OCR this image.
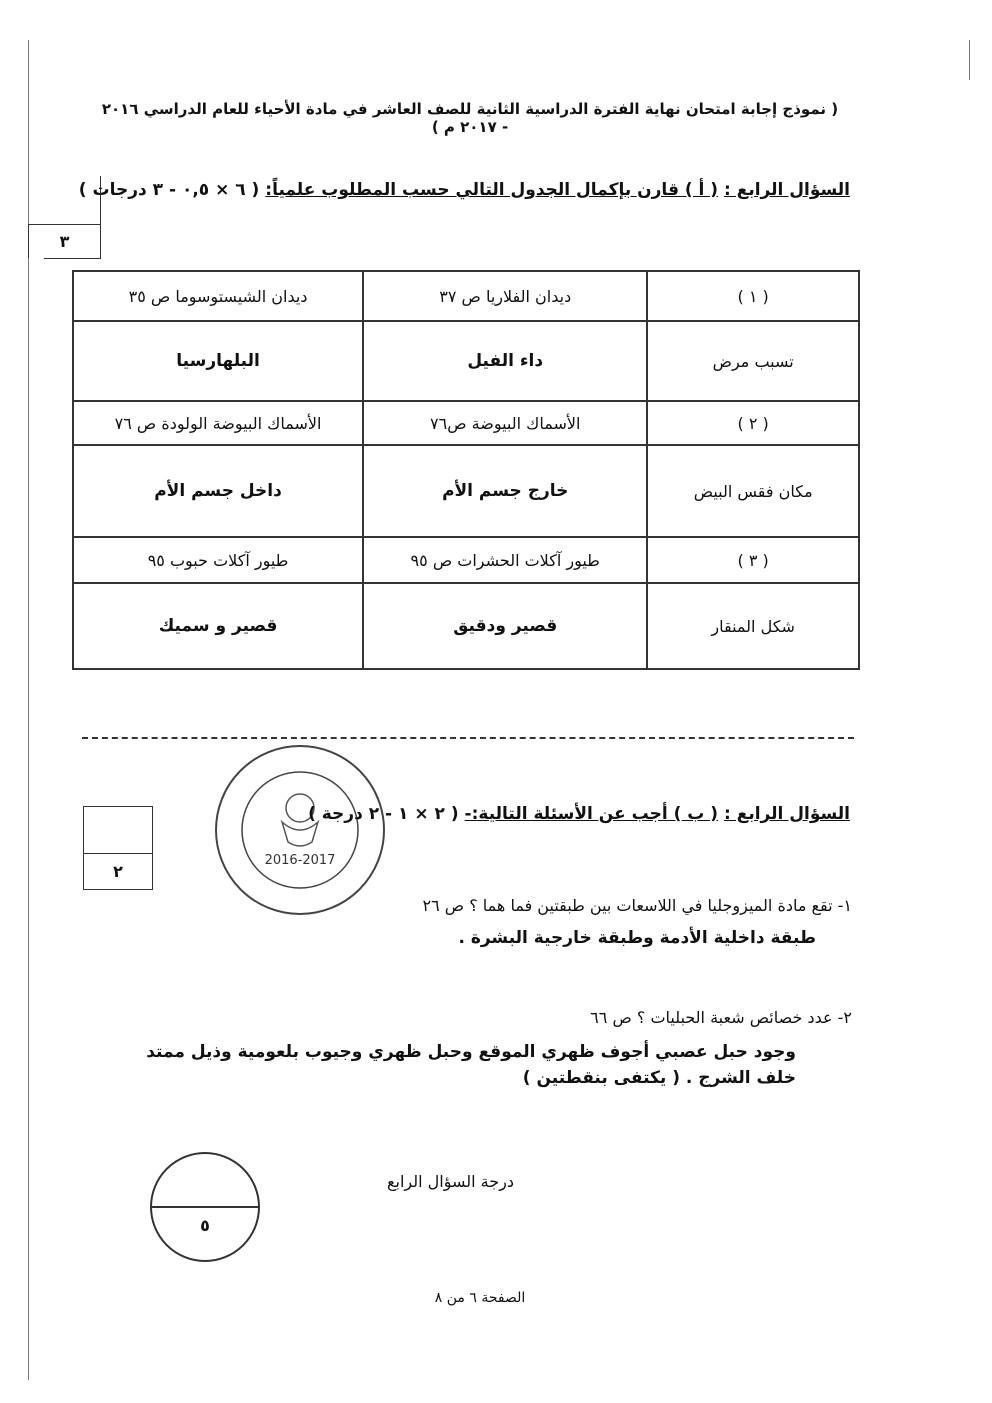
( نموذج إجابة امتحان نهاية الفترة الدراسية الثانية للصف العاشر في مادة الأحياء للعام الدراسي ٢٠١٦ - ٢٠١٧ م )
السؤال الرابع : ( أ ) قارن بإكمال الجدول التالي حسب المطلوب علمياً: ( ٦ × ٠,٥ - ٣ درجات )
٣
( ١ )	ديدان الفلاريا ص ٣٧	ديدان الشيستوسوما ص ٣٥
تسبب مرض	داء الفيل	البلهارسيا
( ٢ )	الأسماك البيوضة ص٧٦	الأسماك البيوضة الولودة ص ٧٦
مكان فقس البيض	خارج جسم الأم	داخل جسم الأم
( ٣ )	طيور آكلات الحشرات ص ٩٥	طيور آكلات حبوب ٩٥
شكل المنقار	قصير ودقيق	قصير و سميك
2016-2017
السؤال الرابع : ( ب ) أجب عن الأسئلة التالية:- ( ٢ × ١ - ٢ درجة )
٢
١- تقع مادة الميزوجليا في اللاسعات بين طبقتين فما هما ؟ ص ٢٦
طبقة داخلية الأدمة وطبقة خارجية البشرة .
٢- عدد خصائص شعبة الحبليات ؟ ص ٦٦
وجود حبل عصبي أجوف ظهري الموقع وحبل ظهري وجيوب بلعومية وذيل ممتد
خلف الشرج . ( يكتفى بنقطتين )
درجة السؤال الرابع
٥
الصفحة ٦ من ٨
